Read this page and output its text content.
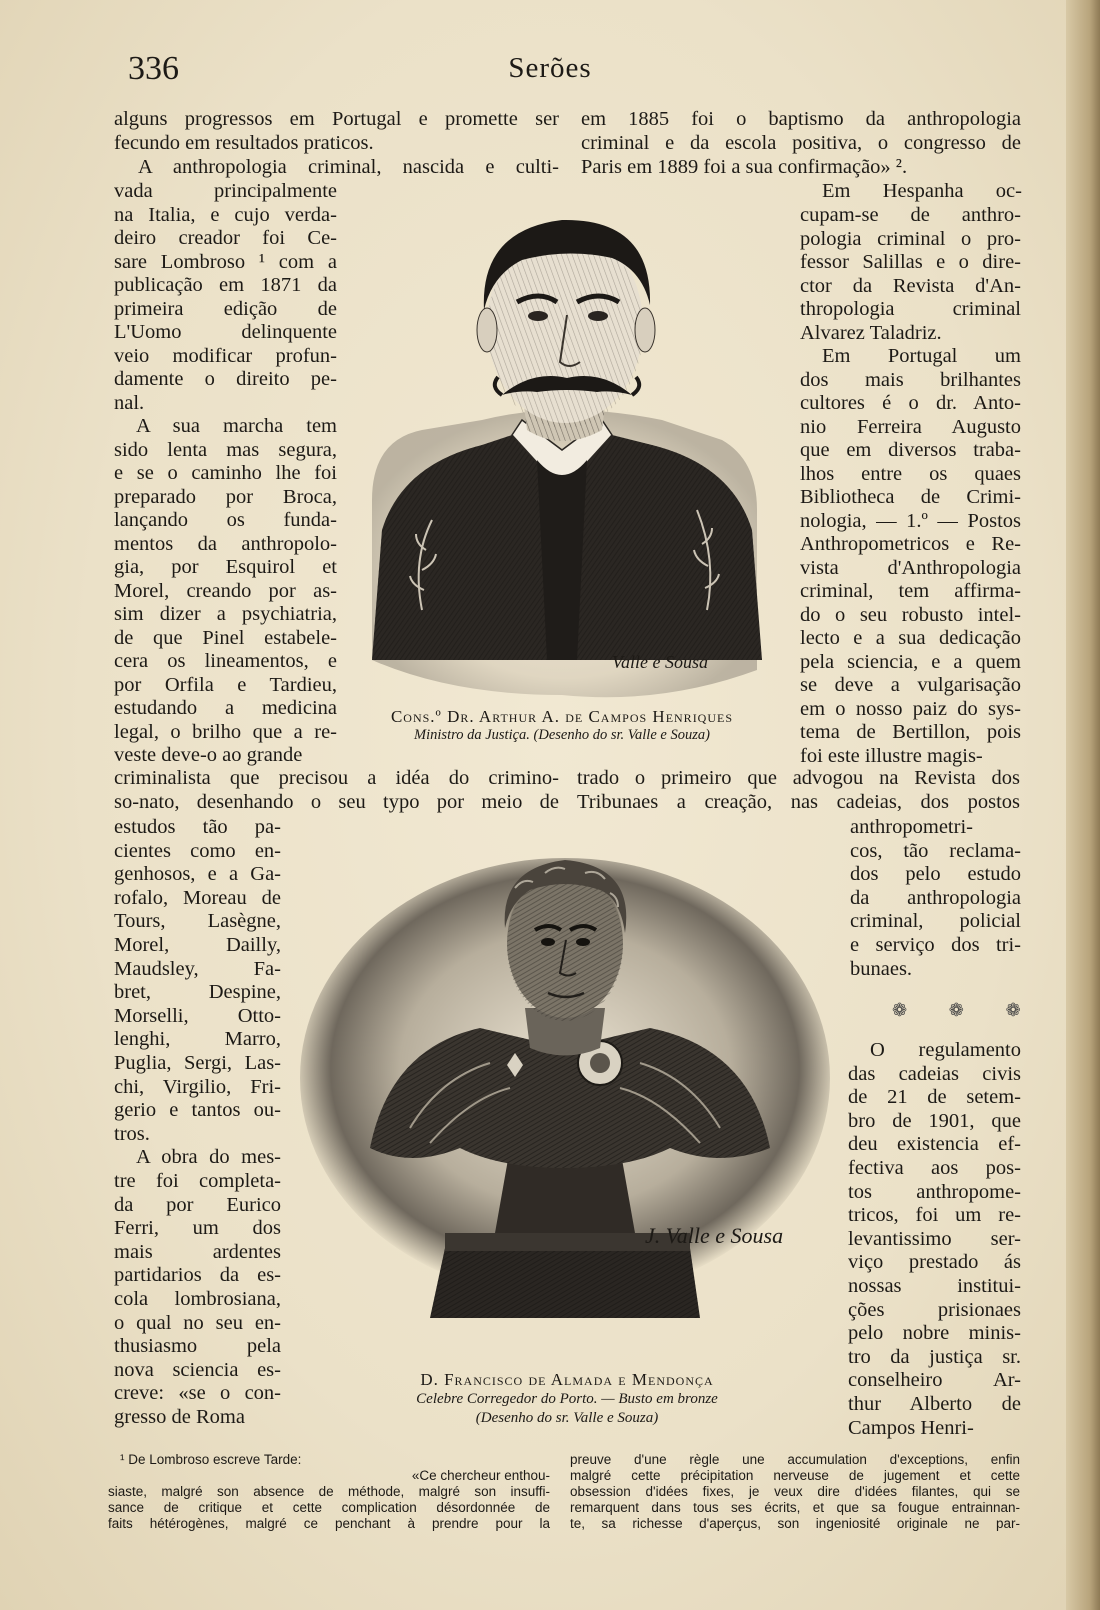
336	Serões
alguns progressos em Portugal e promette ser
fecundo em resultados praticos.
A anthropologia criminal, nascida e culti-
vada principalmente
na Italia, e cujo verda-
deiro creador foi Ce-
sare Lombroso ¹ com a
publicação em 1871 da
primeira edição de
L'Uomo delinquente
veio modificar profun-
damente o direito pe-
nal.
A sua marcha tem
sido lenta mas segura,
e se o caminho lhe foi
preparado por Broca,
lançando os funda-
mentos da anthropolo-
gia, por Esquirol et
Morel, creando por as-
sim dizer a psychiatria,
de que Pinel estabele-
cera os lineamentos, e
por Orfila e Tardieu,
estudando a medicina
legal, o brilho que a re-
veste deve-o ao grande
em 1885 foi o baptismo da anthropologia
criminal e da escola positiva, o congresso de
Paris em 1889 foi a sua confirmação» ².
Em Hespanha oc-
cupam-se de anthro-
pologia criminal o pro-
fessor Salillas e o dire-
ctor da Revista d'An-
thropologia criminal
Alvarez Taladriz.
Em Portugal um
dos mais brilhantes
cultores é o dr. Anto-
nio Ferreira Augusto
que em diversos traba-
lhos entre os quaes
Bibliotheca de Crimi-
nologia, — 1.º — Postos
Anthropometricos e Re-
vista d'Anthropologia
criminal, tem affirma-
do o seu robusto intel-
lecto e a sua dedicação
pela sciencia, e a quem
se deve a vulgarisação
em o nosso paiz do sys-
tema de Bertillon, pois
foi este illustre magis-
Valle e Sousa
Cons.º Dr. Arthur A. de Campos Henriques
Ministro da Justiça. (Desenho do sr. Valle e Souza)
criminalista que precisou a idéa do crimino- trado o primeiro que advogou na Revista dos
so-nato, desenhando o seu typo por meio de Tribunaes a creação, nas cadeias, dos postos
estudos tão pa-
cientes como en-
genhosos, e a Ga-
rofalo, Moreau de
Tours, Lasègne,
Morel, Dailly,
Maudsley, Fa-
bret, Despine,
Morselli, Otto-
lenghi, Marro,
Puglia, Sergi, Las-
chi, Virgilio, Fri-
gerio e tantos ou-
tros.
A obra do mes-
tre foi completa-
da por Eurico
Ferri, um dos
mais ardentes
partidarios da es-
cola lombrosiana,
o qual no seu en-
thusiasmo pela
nova sciencia es-
creve: «se o con-
gresso de Roma
anthropometri-
cos, tão reclama-
dos pelo estudo
da anthropologia
criminal, policial
e serviço dos tri-
bunaes.
❁ ❁ ❁
O regulamento
das cadeias civis
de 21 de setem-
bro de 1901, que
deu existencia ef-
fectiva aos pos-
tos anthropome-
tricos, foi um re-
levantissimo ser-
viço prestado ás
nossas institui-
ções prisionaes
pelo nobre minis-
tro da justiça sr.
conselheiro Ar-
thur Alberto de
Campos Henri-
J. Valle e Sousa
D. Francisco de Almada e Mendonça
Celebre Corregedor do Porto. — Busto em bronze
(Desenho do sr. Valle e Souza)
¹ De Lombroso escreve Tarde:
«Ce chercheur enthou-
siaste, malgré son absence de méthode, malgré son insuffi-
sance de critique et cette complication désordonnée de
faits hétérogènes, malgré ce penchant à prendre pour la
preuve d'une règle une accumulation d'exceptions, enfin
malgré cette précipitation nerveuse de jugement et cette
obsession d'idées fixes, je veux dire d'idées filantes, qui se
remarquent dans tous ses écrits, et que sa fougue entrainnan-
te, sa richesse d'aperçus, son ingeniosité originale ne par-
